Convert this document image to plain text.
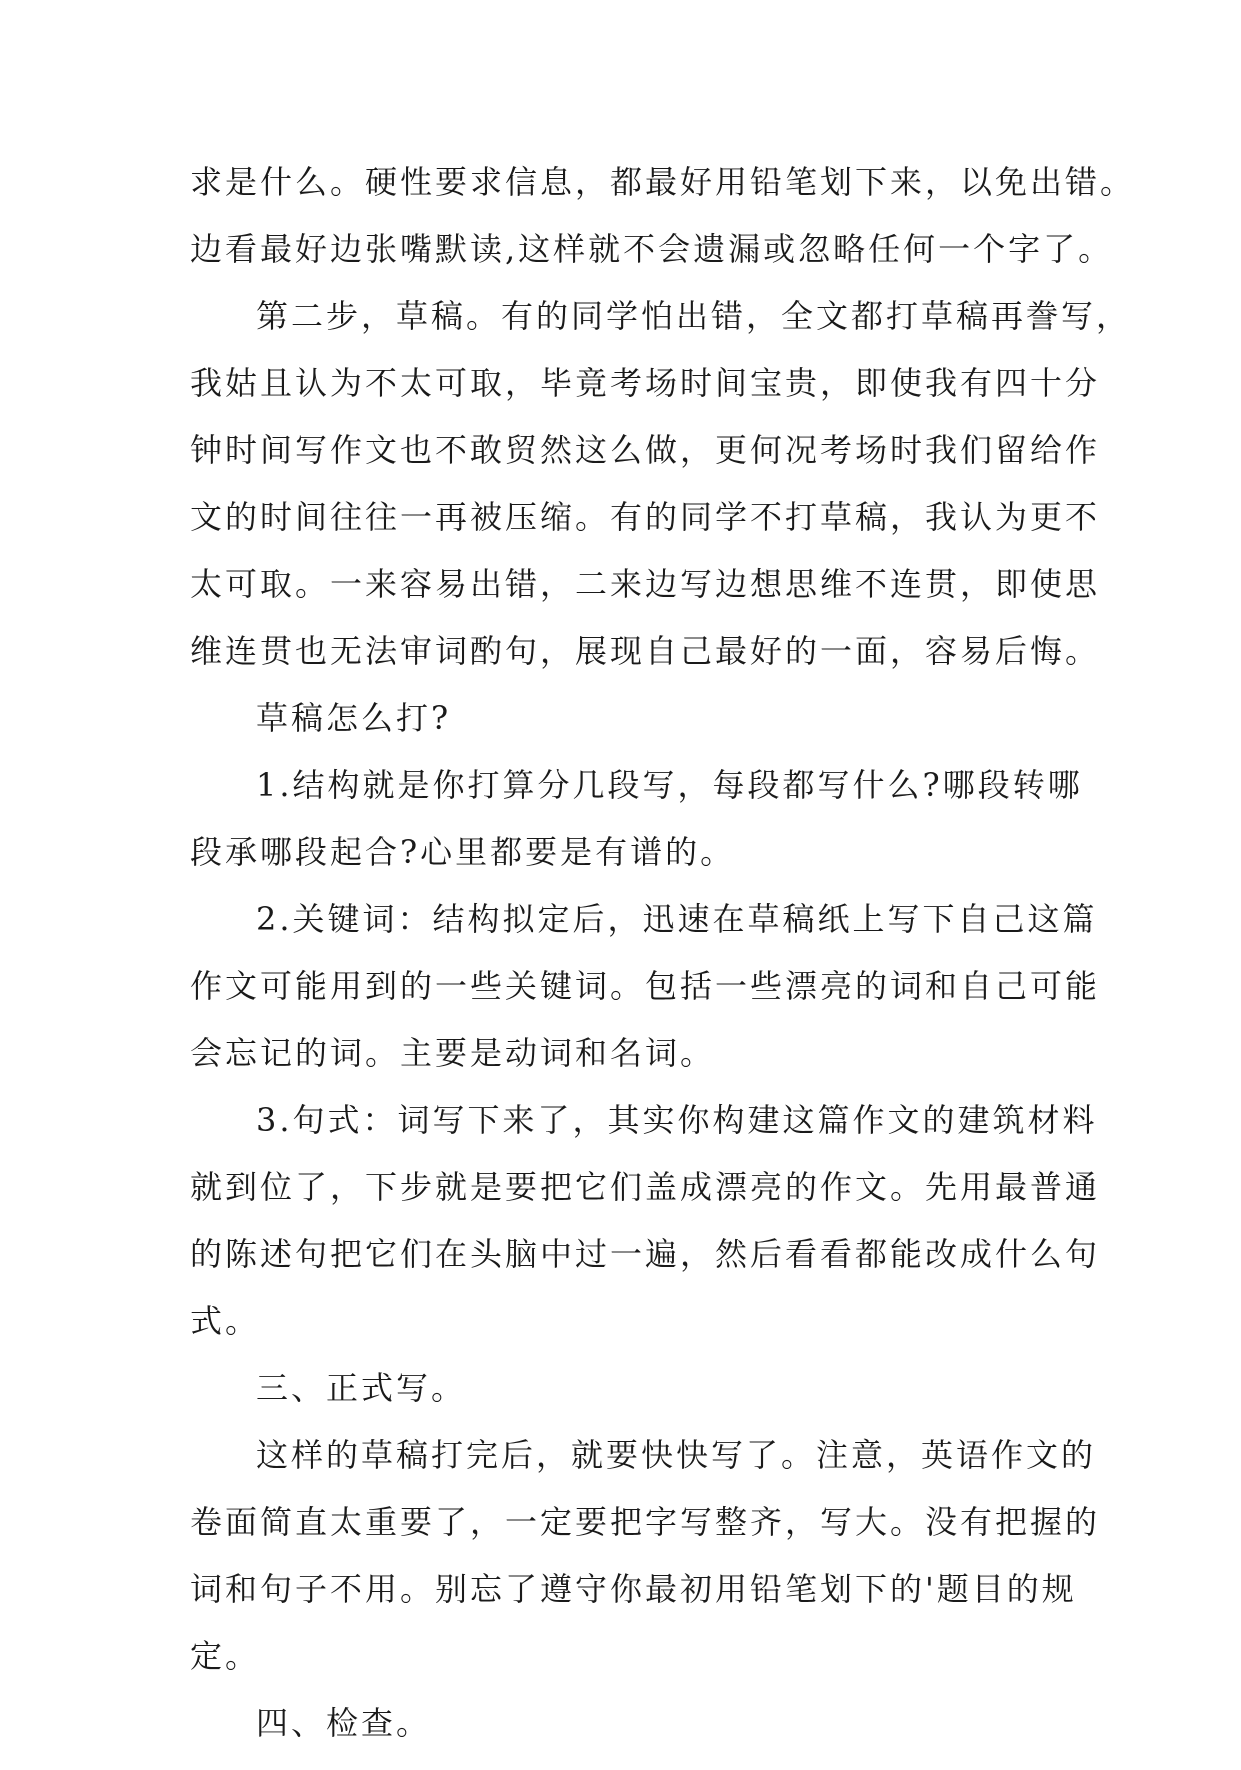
求是什么。硬性要求信息，都最好用铅笔划下来，以免出错。
边看最好边张嘴默读,这样就不会遗漏或忽略任何一个字了。
第二步，草稿。有的同学怕出错，全文都打草稿再誊写，
我姑且认为不太可取，毕竟考场时间宝贵，即使我有四十分
钟时间写作文也不敢贸然这么做，更何况考场时我们留给作
文的时间往往一再被压缩。有的同学不打草稿，我认为更不
太可取。一来容易出错，二来边写边想思维不连贯，即使思
维连贯也无法审词酌句，展现自己最好的一面，容易后悔。
草稿怎么打?
1.结构就是你打算分几段写，每段都写什么?哪段转哪
段承哪段起合?心里都要是有谱的。
2.关键词：结构拟定后，迅速在草稿纸上写下自己这篇
作文可能用到的一些关键词。包括一些漂亮的词和自己可能
会忘记的词。主要是动词和名词。
3.句式：词写下来了，其实你构建这篇作文的建筑材料
就到位了，下步就是要把它们盖成漂亮的作文。先用最普通
的陈述句把它们在头脑中过一遍，然后看看都能改成什么句
式。
三、正式写。
这样的草稿打完后，就要快快写了。注意，英语作文的
卷面简直太重要了，一定要把字写整齐，写大。没有把握的
词和句子不用。别忘了遵守你最初用铅笔划下的'题目的规
定。
四、检查。
